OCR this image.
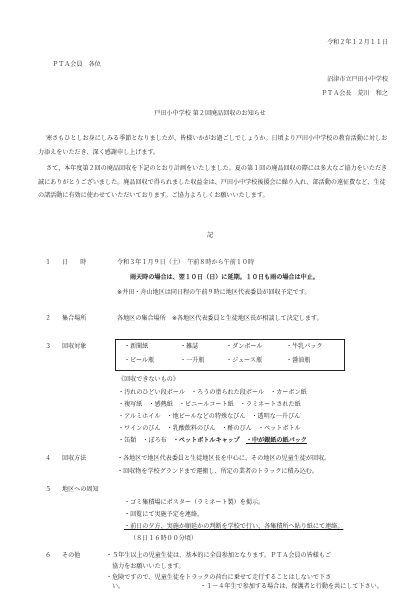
令和２年１２月１１日
ＰＴＡ会員　各位
沼津市立戸田小中学校
ＰＴＡ会長　荒川　和之
戸田小中学校 第２回廃品回収のお知らせ
寒さもひとしお身にしみる季節となりましたが、皆様いかがお過ごしでしょうか。日頃より戸田小中学校の教育活動に対しお力添えをいただき、深く感謝申し上げます。
さて、本年度第２回の廃品回収を下記のとおり計画をいたしました。夏の第１回の廃品回収の際には多大なご協力をいただき誠にありがとうございました。廃品回収で得られました収益金は、戸田小中学校後援会に繰り入れ、部活動の遠征費など、生徒の諸活動に有効に使わせていただいております。ご協力よろしくお願いいたします。
記
１ 日　　時	令和３年１月９日（土）　午前８時から午前１０時
雨天時の場合は、翌１０日（日）に延期。１０日も雨の場合は中止。
※井田・舟山地区は同日程の午前９時に地区代表委員が回収予定です。
２ 集合場所	各地区の集合場所　※各地区代表委員と生徒地区長が相談して決定します。
３ 回収対象	・新聞紙	・雑誌	・ダンボール	・牛乳パック
・ビール瓶	・一升瓶	・ジュース瓶	・醤油瓶
《回収できないもの》
・汚れのひどい段ボール　・ろうの塗られた段ボール　・カーボン紙
・複写紙　・感熱紙　・ビニールコート紙　・ラミネートされた紙
・アルミホイル　・地ビールなどの特殊なびん　・透明な一升びん
・ワインのびん　・乳酸飲料のびん　・酢のびん　・ペットボトル
・缶類　・ぼろ布　・ペットボトルキャップ　 ・中が銀紙の紙パック
４ 回収方法	・各地区で地区代表委員と生徒地区長を中心に、その地区の児童生徒が回収。
・回収物を学校グランドまで運搬し、所定の業者のトラックに積み込む。
５ 地区への周知
・ゴミ集積場にポスター（ラミネート製）を掲示。
・回覧にて実施予定を連絡。
・前日の夕方、実施か順延かの判断を学校で行い、各集積所へ貼り紙にて連絡。
（８日１６時００分頃）
６ その他	・５年生以上の児童生徒は、基本的に全員参加となります。ＰＴＡ会員の皆様もご
協力をお願いいたします。
・危険ですので、児童生徒をトラックの荷台に乗せて走行することはしないで下さ
い。	・１～４年生で参加する場合は、保護者と行動を共にして下さい。
